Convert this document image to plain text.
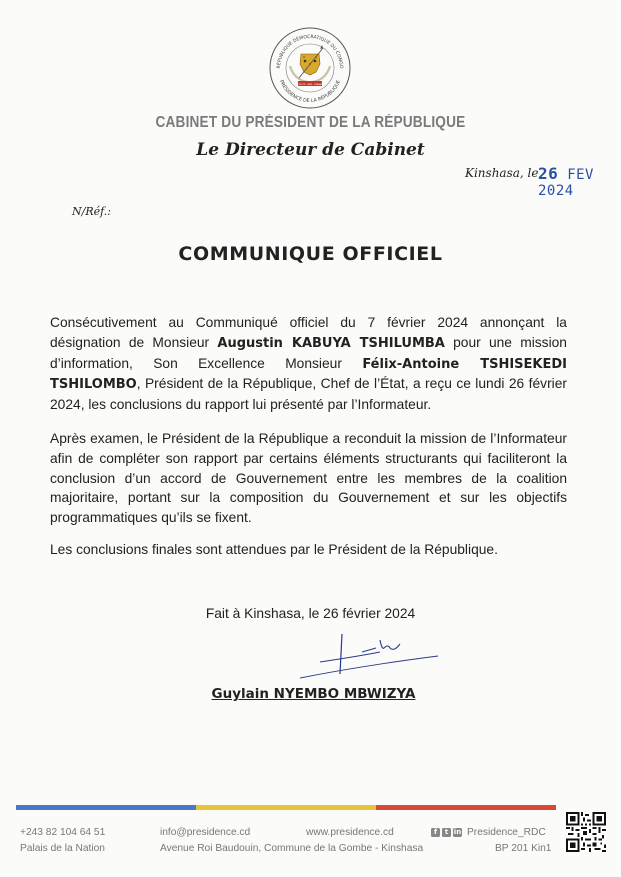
RÉPUBLIQUE DÉMOCRATIQUE DU CONGO
PRÉSIDENCE DE LA RÉPUBLIQUE
JUSTICE · PAIX · TRAVAIL
CABINET DU PRÉSIDENT DE LA RÉPUBLIQUE
Le Directeur de Cabinet
Kinshasa, le 26 FEV 2024
N/Réf.:
COMMUNIQUE OFFICIEL

Consécutivement au Communiqué officiel du 7 février 2024 annonçant la désignation de Monsieur Augustin KABUYA TSHILUMBA pour une mission d’information, Son Excellence Monsieur Félix-Antoine TSHISEKEDI TSHILOMBO, Président de la République, Chef de l’État, a reçu ce lundi 26 février 2024, les conclusions du rapport lui présenté par l’Informateur.

Après examen, le Président de la République a reconduit la mission de l’Informateur afin de compléter son rapport par certains éléments structurants qui faciliteront la conclusion d’un accord de Gouvernement entre les membres de la coalition majoritaire, portant sur la composition du Gouvernement et sur les objectifs programmatiques qu’ils se fixent.

Les conclusions finales sont attendues par le Président de la République.

Fait à Kinshasa, le 26 février 2024
Guylain NYEMBO MBWIZYA
+243 82 104 64 51
Palais de la Nation
info@presidence.cd	www.presidence.cd	f	t in Presidence_RDC
Avenue Roi Baudouin, Commune de la Gombe - Kinshasa	BP 201 Kin1
